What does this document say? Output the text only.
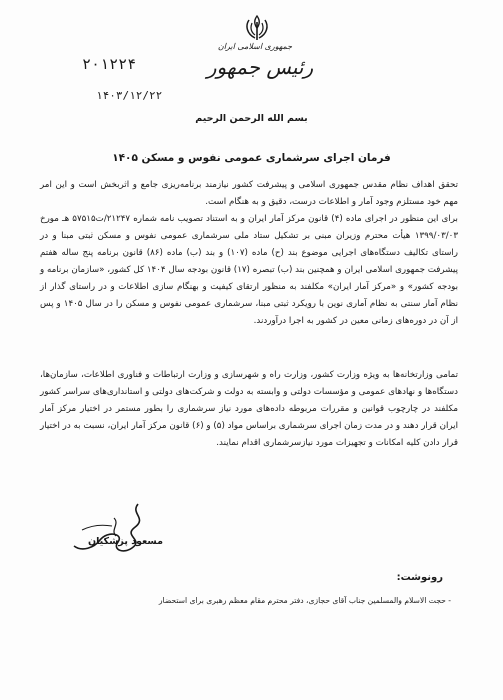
جمهوری اسلامی ایران
رئیس جمهور
۲۰۱۲۲۴
۱۴۰۳/۱۲/۲۲
بسم الله الرحمن الرحیم
فرمان اجرای سرشماری عمومی نفوس و مسکن ۱۴۰۵
تحقق اهداف نظام مقدس جمهوری اسلامی و پیشرفت کشور نیازمند برنامه‌ریزی جامع و اثربخش است و این امر مهم خود مستلزم وجود آمار و اطلاعات درست، دقیق و به هنگام است.
برای این منظور در اجرای ماده (۴) قانون مرکز آمار ایران و به استناد تصویب نامه شماره ۲۱۲۴۷/ت۵۷۵۱۵ هـ مورخ ۱۳۹۹/۰۳/۰۳ هیأت محترم وزیران مبنی بر تشکیل ستاد ملی سرشماری عمومی نفوس و مسکن ثبتی مبنا و در راستای تکالیف دستگاه‌های اجرایی موضوع بند (ح) ماده (۱۰۷) و بند (ب) ماده (۸۶) قانون برنامه پنج ساله هفتم پیشرفت جمهوری اسلامی ایران و همچنین بند (ب) تبصره (۱۷) قانون بودجه سال ۱۴۰۴ کل کشور، «سازمان برنامه و بودجه کشور» و «مرکز آمار ایران» مکلفند به منظور ارتقای کیفیت و بهنگام سازی اطلاعات و در راستای گذار از نظام آمار سنتی به نظام آماری نوین با رویکرد ثبتی مبنا، سرشماری عمومی نفوس و مسکن را در سال ۱۴۰۵ و پس از آن در دوره‌های زمانی معین در کشور به اجرا درآوردند.
تمامی وزارتخانه‌ها به ویژه وزارت کشور، وزارت راه و شهرسازی و وزارت ارتباطات و فناوری اطلاعات، سازمان‌ها، دستگاه‌ها و نهادهای عمومی و مؤسسات دولتی و وابسته به دولت و شرکت‌های دولتی و استانداری‌های سراسر کشور مکلفند در چارچوب قوانین و مقررات مربوطه داده‌های مورد نیاز سرشماری را بطور مستمر در اختیار مرکز آمار ایران قرار دهند و در مدت زمان اجرای سرشماری براساس مواد (۵) و (۶) قانون مرکز آمار ایران، نسبت به در اختیار قرار دادن کلیه امکانات و تجهیزات مورد نیازسرشماری اقدام نمایند.
مسعود پزشکیان
رونوشت:
- حجت الاسلام والمسلمین جناب آقای حجازی، دفتر محترم مقام معظم رهبری برای استحضار
